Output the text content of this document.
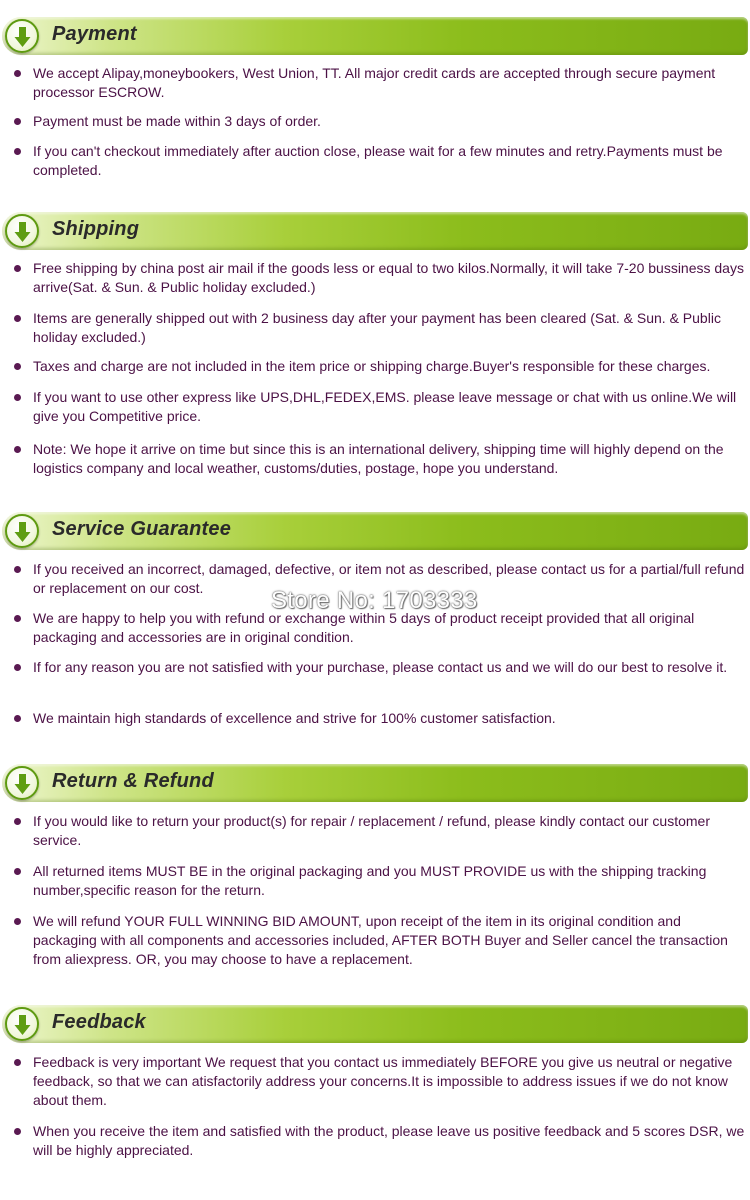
Payment
We accept Alipay,moneybookers, West Union, TT. All major credit cards are accepted through secure payment processor ESCROW.
Payment must be made within 3 days of order.
If you can't checkout immediately after auction close, please wait for a few minutes and retry.Payments must be completed.
Shipping
Free shipping by china post air mail if the goods less or equal to two kilos.Normally, it will take 7-20 bussiness days arrive(Sat. & Sun. & Public holiday excluded.)
Items are generally shipped out with 2 business day after your payment has been cleared (Sat. & Sun. & Public holiday excluded.)
Taxes and charge are not included in the item price or shipping charge.Buyer's responsible for these charges.
If you want to use other express like UPS,DHL,FEDEX,EMS. please leave message or chat with us online.We will give you Competitive price.
Note: We hope it arrive on time but since this is an international delivery, shipping time will highly depend on the logistics company and local weather, customs/duties, postage, hope you understand.
Service Guarantee
If you received an incorrect, damaged, defective, or item not as described, please contact us for a partial/full refund or replacement on our cost.
We are happy to help you with refund or exchange within 5 days of product receipt provided that all original packaging and accessories are in original condition.
If for any reason you are not satisfied with your purchase, please contact us and we will do our best to resolve it.
We maintain high standards of excellence and strive for 100% customer satisfaction.
Store No: 1703333
Return & Refund
If you would like to return your product(s) for repair / replacement / refund, please kindly contact our customer service.
All returned items MUST BE in the original packaging and you MUST PROVIDE us with the shipping tracking number,specific reason for the return.
We will refund YOUR FULL WINNING BID AMOUNT, upon receipt of the item in its original condition and packaging with all components and accessories included, AFTER BOTH Buyer and Seller cancel the transaction from aliexpress. OR, you may choose to have a replacement.
Feedback
Feedback is very important We request that you contact us immediately BEFORE you give us neutral or negative feedback, so that we can atisfactorily address your concerns.It is impossible to address issues if we do not know about them.
When you receive the item and satisfied with the product, please leave us positive feedback and 5 scores DSR, we will be highly appreciated.
